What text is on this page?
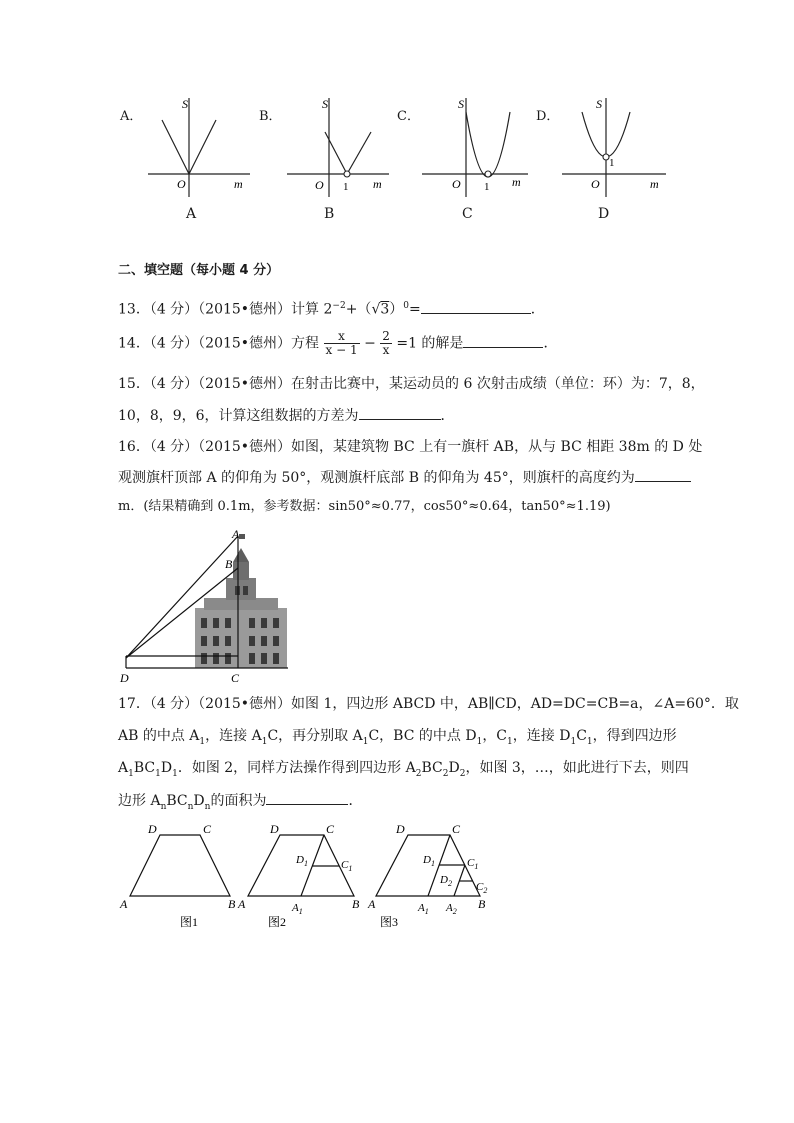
A．	B．	C．	D．
S
m
O
A
S
m
O 1
B
S
m
O 1
C
S
m
O
1
D
二、填空题（每小题 4 分）
13．（4 分）（2015•德州）计算 $2^{-2}+(√3)^0=$	．
14．（4 分）（2015•德州）方程 $\frac{x}{x - 1} - \frac{2}{x} =1$ 的解是	．
15．（4 分）（2015•德州）在射击比赛中，某运动员的 6 次射击成绩（单位：环）为：7，8，
10，8，9，6，计算这组数据的方差为	．
16．（4 分）（2015•德州）如图，某建筑物 BC 上有一旗杆 AB，从与 BC 相距 38m 的 D 处
观测旗杆顶部 A 的仰角为 50°，观测旗杆底部 B 的仰角为 45°，则旗杆的高度约为
m．(结果精确到 0.1m，参考数据：sin50°≈0.77，cos50°≈0.64，tan50°≈1.19)
A
B
C
D
17．（4 分）（2015•德州）如图 1，四边形 ABCD 中，AB∥CD，AD=DC=CB=a，∠A=60°．取
AB 的中点 $A_1$，连接 $A_1C$，再分别取 $A_1C$，BC 的中点 $D_1$，$C_1$，连接 $D_1C_1$，得到四边形
$A_1BC_1D_1$．如图 2，同样方法操作得到四边形 $A_2BC_2D_2$，如图 3，…，如此进行下去，则四
边形 $A_nBC_nD_n$的面积为	．
A	B
C
D
图1
A	B
C
D
$D_1$	$C_1$
$A_1$
图2
A	B
C
D
$D_1$	$C_1$
$D_2$ $C_2$
$A_1$ $A_2$
图3
